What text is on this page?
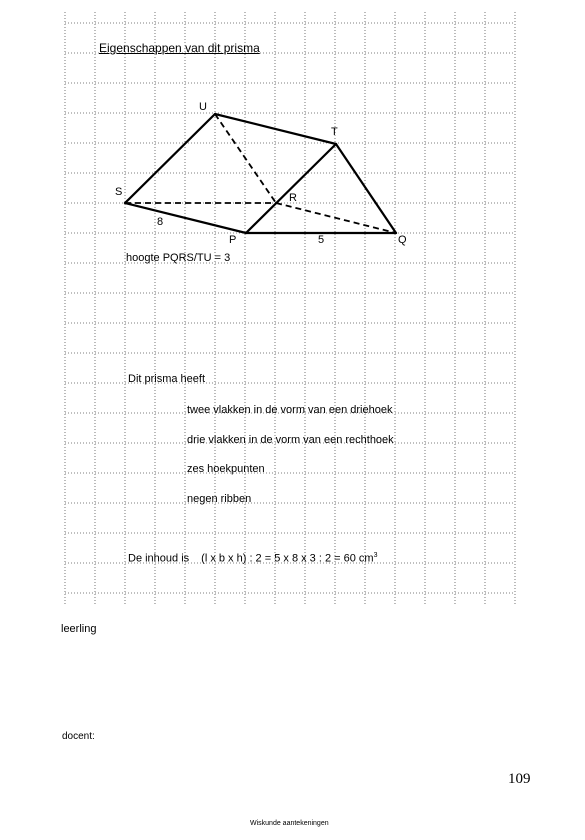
Eigenschappen van dit prisma
U
T
S	R
P	Q
8
5
hoogte PQRS/TU = 3
Dit prisma heeft
twee vlakken in de vorm van een driehoek
drie vlakken in de vorm van een rechthoek
zes hoekpunten
negen ribben
De inhoud is (l x b x h) : 2 = 5 x 8 x 3 : 2 = 60 $cm^3$
leerling
docent:
109
Wiskunde aantekeningen
